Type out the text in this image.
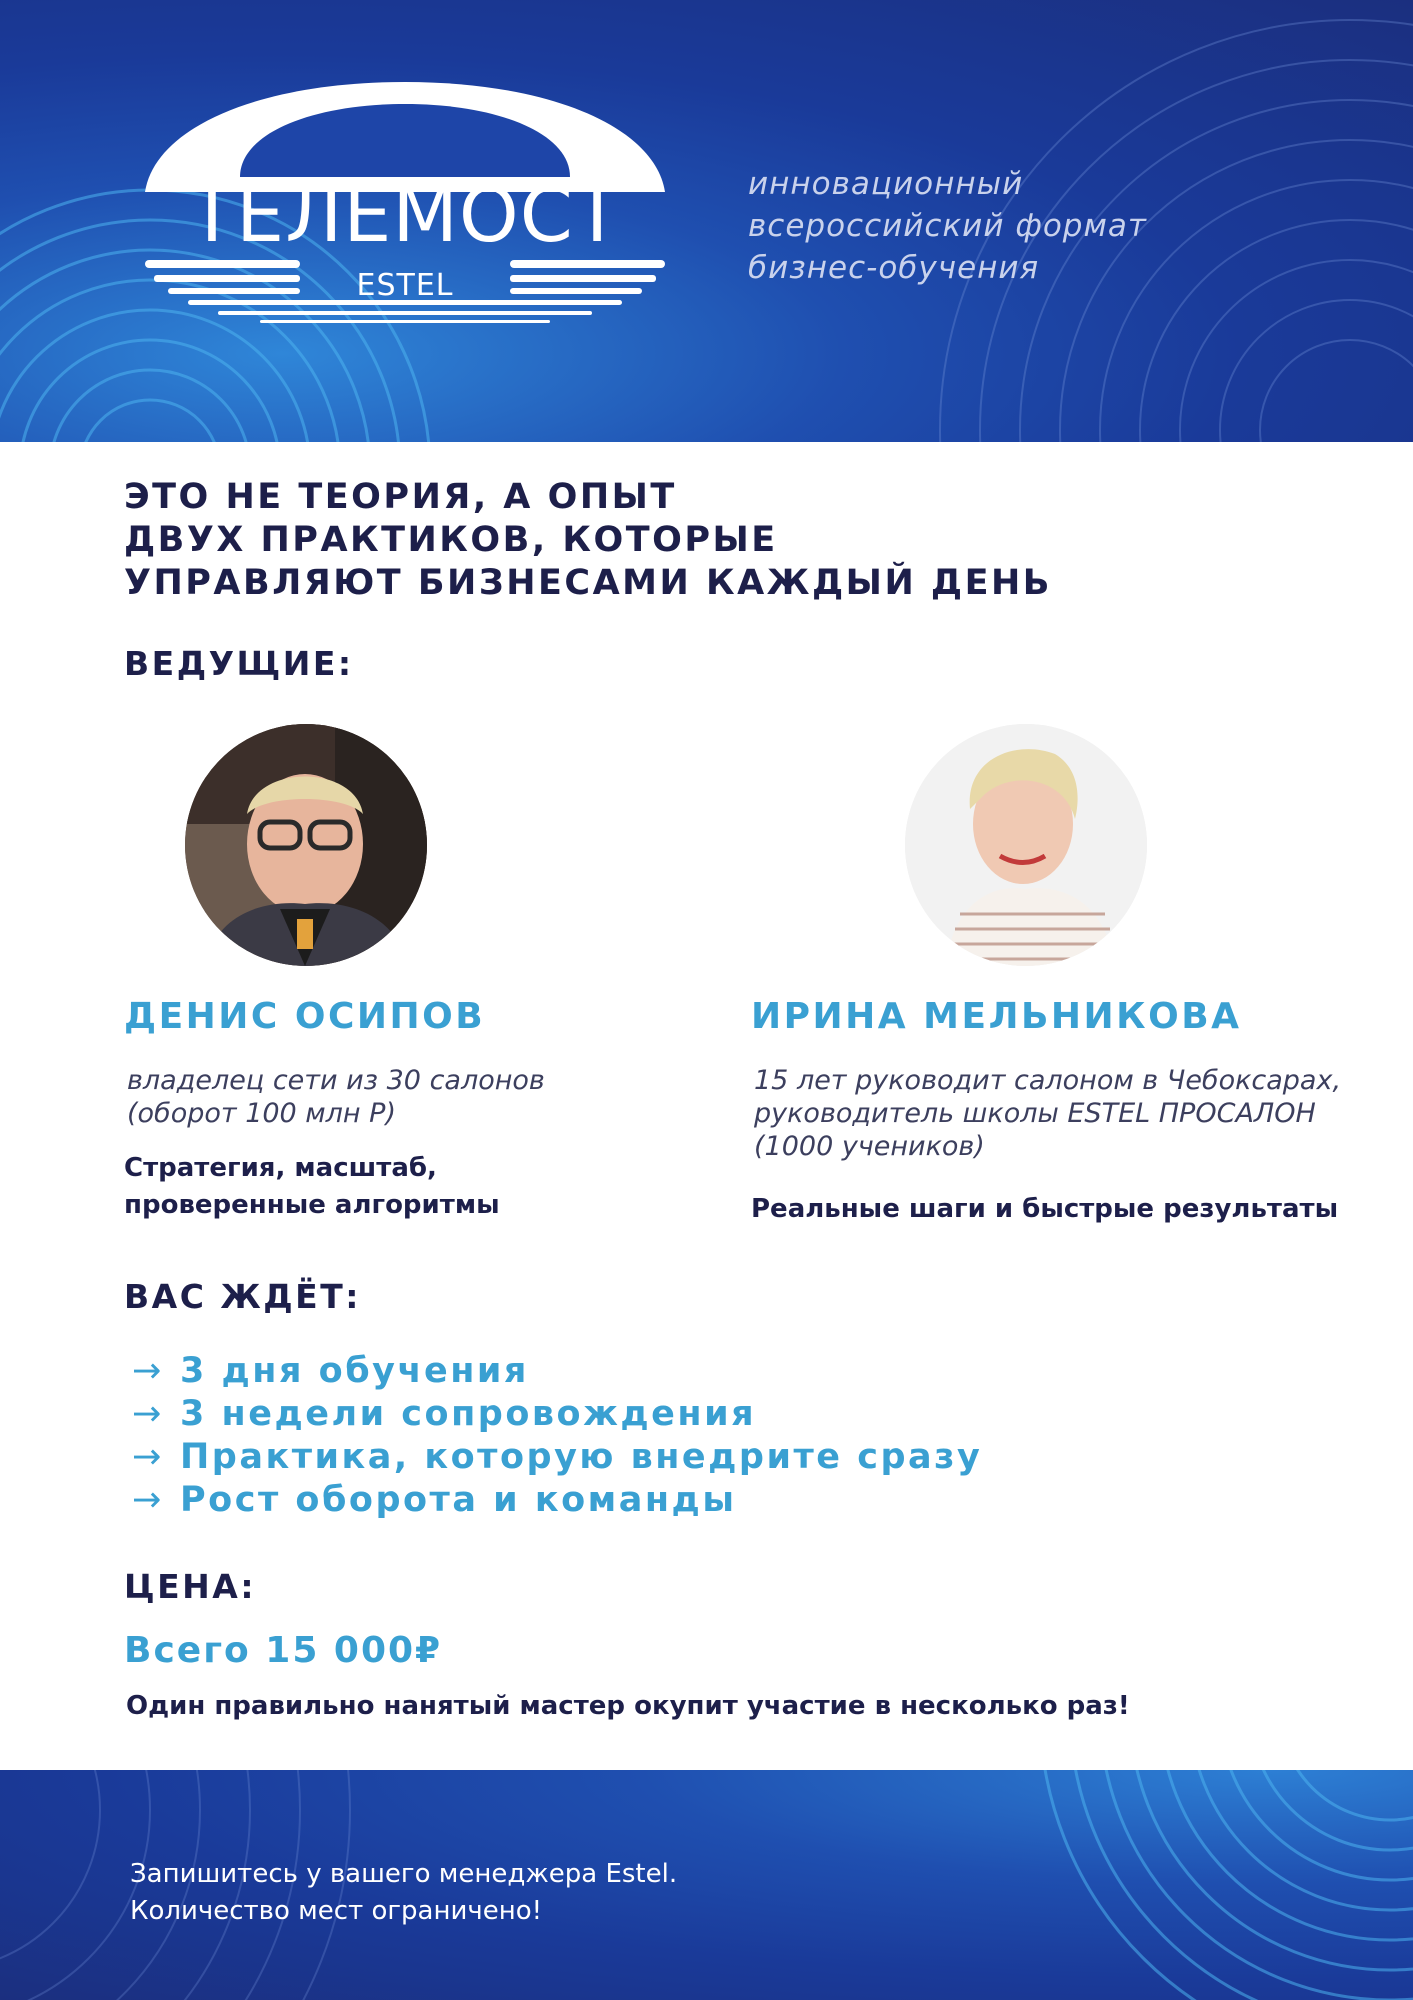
ТЕЛЕМОСТ
ESTEL
инновационный
всероссийский формат
бизнес-обучения
ЭТО НЕ ТЕОРИЯ, А ОПЫТ
ДВУХ ПРАКТИКОВ, КОТОРЫЕ
УПРАВЛЯЮТ БИЗНЕСАМИ КАЖДЫЙ ДЕНЬ
ВЕДУЩИЕ:
ДЕНИС ОСИПОВ
владелец сети из 30 салонов
(оборот 100 млн Р)
Стратегия, масштаб,
проверенные алгоритмы
ИРИНА МЕЛЬНИКОВА
15 лет руководит салоном в Чебоксарах,
руководитель школы ESTEL ПРОСАЛОН
(1000 учеников)
Реальные шаги и быстрые результаты
ВАС ЖДЁТ:
→ 3 дня обучения
→ 3 недели сопровождения
→ Практика, которую внедрите сразу
→ Рост оборота и команды
ЦЕНА:
Всего 15 000₽
Один правильно нанятый мастер окупит участие в несколько раз!
Запишитесь у вашего менеджера Estel.
Количество мест ограничено!
